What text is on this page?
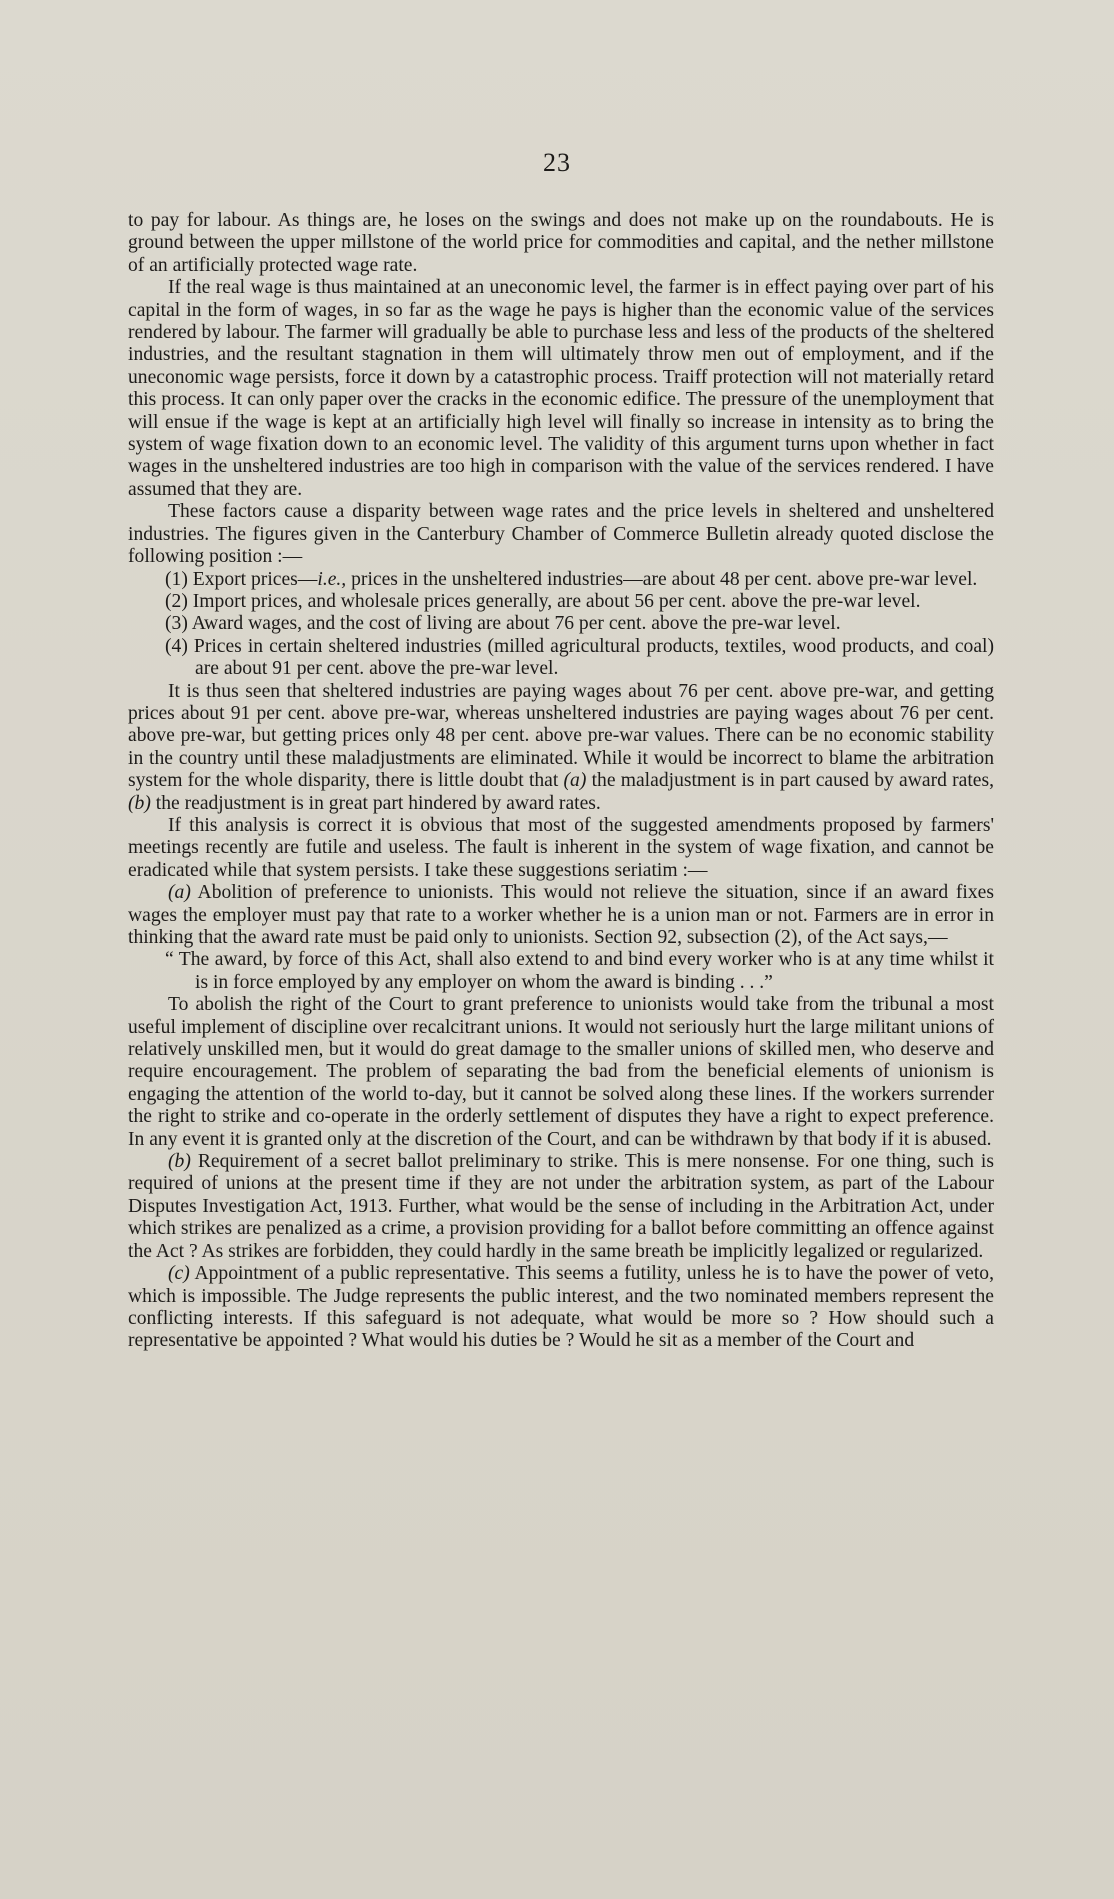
23

to pay for labour. As things are, he loses on the swings and does not make up on the roundabouts. He is ground between the upper millstone of the world price for commodities and capital, and the nether millstone of an artificially protected wage rate.

If the real wage is thus maintained at an uneconomic level, the farmer is in effect paying over part of his capital in the form of wages, in so far as the wage he pays is higher than the economic value of the services rendered by labour. The farmer will gradually be able to purchase less and less of the products of the sheltered industries, and the resultant stagnation in them will ultimately throw men out of employment, and if the uneconomic wage persists, force it down by a catastrophic process. Traiff protection will not materially retard this process. It can only paper over the cracks in the economic edifice. The pressure of the unemployment that will ensue if the wage is kept at an artificially high level will finally so increase in intensity as to bring the system of wage fixation down to an economic level. The validity of this argument turns upon whether in fact wages in the unsheltered industries are too high in comparison with the value of the services rendered. I have assumed that they are.

These factors cause a disparity between wage rates and the price levels in sheltered and unsheltered industries. The figures given in the Canterbury Chamber of Commerce Bulletin already quoted disclose the following position :—

(1) Export prices—i.e., prices in the unsheltered industries—are about 48 per cent. above pre-war level.

(2) Import prices, and wholesale prices generally, are about 56 per cent. above the pre-war level.

(3) Award wages, and the cost of living are about 76 per cent. above the pre-war level.

(4) Prices in certain sheltered industries (milled agricultural products, textiles, wood products, and coal) are about 91 per cent. above the pre-war level.

It is thus seen that sheltered industries are paying wages about 76 per cent. above pre-war, and getting prices about 91 per cent. above pre-war, whereas unsheltered industries are paying wages about 76 per cent. above pre-war, but getting prices only 48 per cent. above pre-war values. There can be no economic stability in the country until these maladjustments are eliminated. While it would be incorrect to blame the arbitration system for the whole disparity, there is little doubt that (a) the maladjustment is in part caused by award rates, (b) the readjustment is in great part hindered by award rates.

If this analysis is correct it is obvious that most of the suggested amendments proposed by farmers' meetings recently are futile and useless. The fault is inherent in the system of wage fixation, and cannot be eradicated while that system persists. I take these suggestions seriatim :—

(a) Abolition of preference to unionists. This would not relieve the situation, since if an award fixes wages the employer must pay that rate to a worker whether he is a union man or not. Farmers are in error in thinking that the award rate must be paid only to unionists. Section 92, subsection (2), of the Act says,—

“ The award, by force of this Act, shall also extend to and bind every worker who is at any time whilst it is in force employed by any employer on whom the award is binding . . .”

To abolish the right of the Court to grant preference to unionists would take from the tribunal a most useful implement of discipline over recalcitrant unions. It would not seriously hurt the large militant unions of relatively unskilled men, but it would do great damage to the smaller unions of skilled men, who deserve and require encouragement. The problem of separating the bad from the beneficial elements of unionism is engaging the attention of the world to-day, but it cannot be solved along these lines. If the workers surrender the right to strike and co-operate in the orderly settlement of disputes they have a right to expect preference. In any event it is granted only at the discretion of the Court, and can be withdrawn by that body if it is abused.

(b) Requirement of a secret ballot preliminary to strike. This is mere nonsense. For one thing, such is required of unions at the present time if they are not under the arbitration system, as part of the Labour Disputes Investigation Act, 1913. Further, what would be the sense of including in the Arbitration Act, under which strikes are penalized as a crime, a provision providing for a ballot before committing an offence against the Act ? As strikes are forbidden, they could hardly in the same breath be implicitly legalized or regularized.

(c) Appointment of a public representative. This seems a futility, unless he is to have the power of veto, which is impossible. The Judge represents the public interest, and the two nominated members represent the conflicting interests. If this safeguard is not adequate, what would be more so ? How should such a representative be appointed ? What would his duties be ? Would he sit as a member of the Court and
